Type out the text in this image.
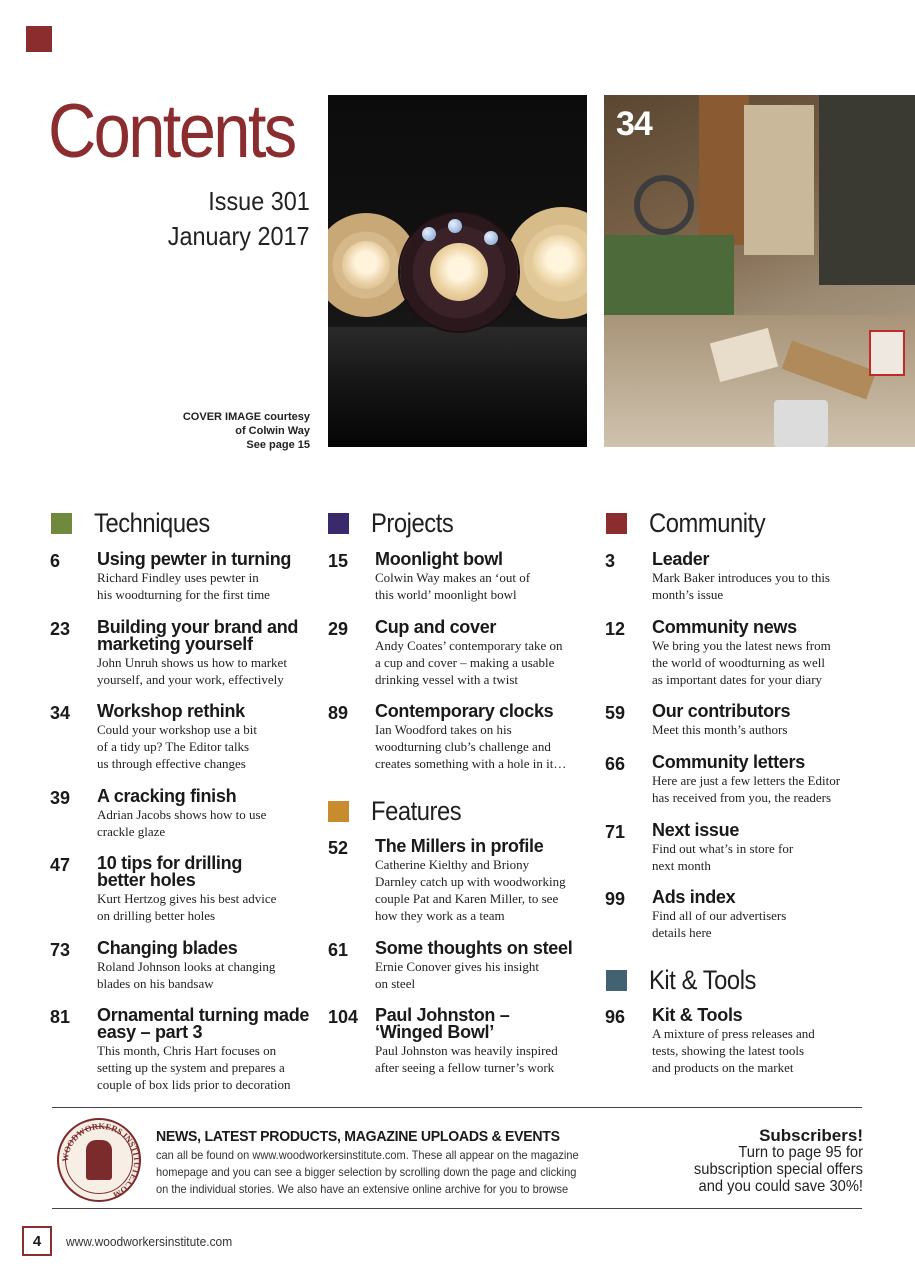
Contents
Issue 301
January 2017
COVER IMAGE courtesy
of Colwin Way
See page 15
34
Techniques
6 Using pewter in turning
Richard Findley uses pewter in
his woodturning for the first time
23 Building your brand and
marketing yourself
John Unruh shows us how to market
yourself, and your work, effectively
34 Workshop rethink
Could your workshop use a bit
of a tidy up? The Editor talks
us through effective changes
39 A cracking finish
Adrian Jacobs shows how to use
crackle glaze
47 10 tips for drilling
better holes
Kurt Hertzog gives his best advice
on drilling better holes
73 Changing blades
Roland Johnson looks at changing
blades on his bandsaw
81 Ornamental turning made
easy – part 3
This month, Chris Hart focuses on
setting up the system and prepares a
couple of box lids prior to decoration
Projects
15 Moonlight bowl
Colwin Way makes an ‘out of
this world’ moonlight bowl
29 Cup and cover
Andy Coates’ contemporary take on
a cup and cover – making a usable
drinking vessel with a twist
89 Contemporary clocks
Ian Woodford takes on his
woodturning club’s challenge and
creates something with a hole in it…
Features
52 The Millers in profile
Catherine Kielthy and Briony
Darnley catch up with woodworking
couple Pat and Karen Miller, to see
how they work as a team
61 Some thoughts on steel
Ernie Conover gives his insight
on steel
104 Paul Johnston –
‘Winged Bowl’
Paul Johnston was heavily inspired
after seeing a fellow turner’s work
Community
3 Leader
Mark Baker introduces you to this
month’s issue
12 Community news
We bring you the latest news from
the world of woodturning as well
as important dates for your diary
59 Our contributors
Meet this month’s authors
66 Community letters
Here are just a few letters the Editor
has received from you, the readers
71 Next issue
Find out what’s in store for
next month
99 Ads index
Find all of our advertisers
details here
Kit & Tools
96 Kit & Tools
A mixture of press releases and
tests, showing the latest tools
and products on the market
WOODWORKERS INSTITUTE.COM
NEWS, LATEST PRODUCTS, MAGAZINE UPLOADS & EVENTS
can all be found on www.woodworkersinstitute.com. These all appear on the magazine homepage and you can see a bigger selection by scrolling down the page and clicking on the individual stories. We also have an extensive online archive for you to browse
Subscribers!
Turn to page 95 for subscription special offers and you could save 30%!
4	www.woodworkersinstitute.com
